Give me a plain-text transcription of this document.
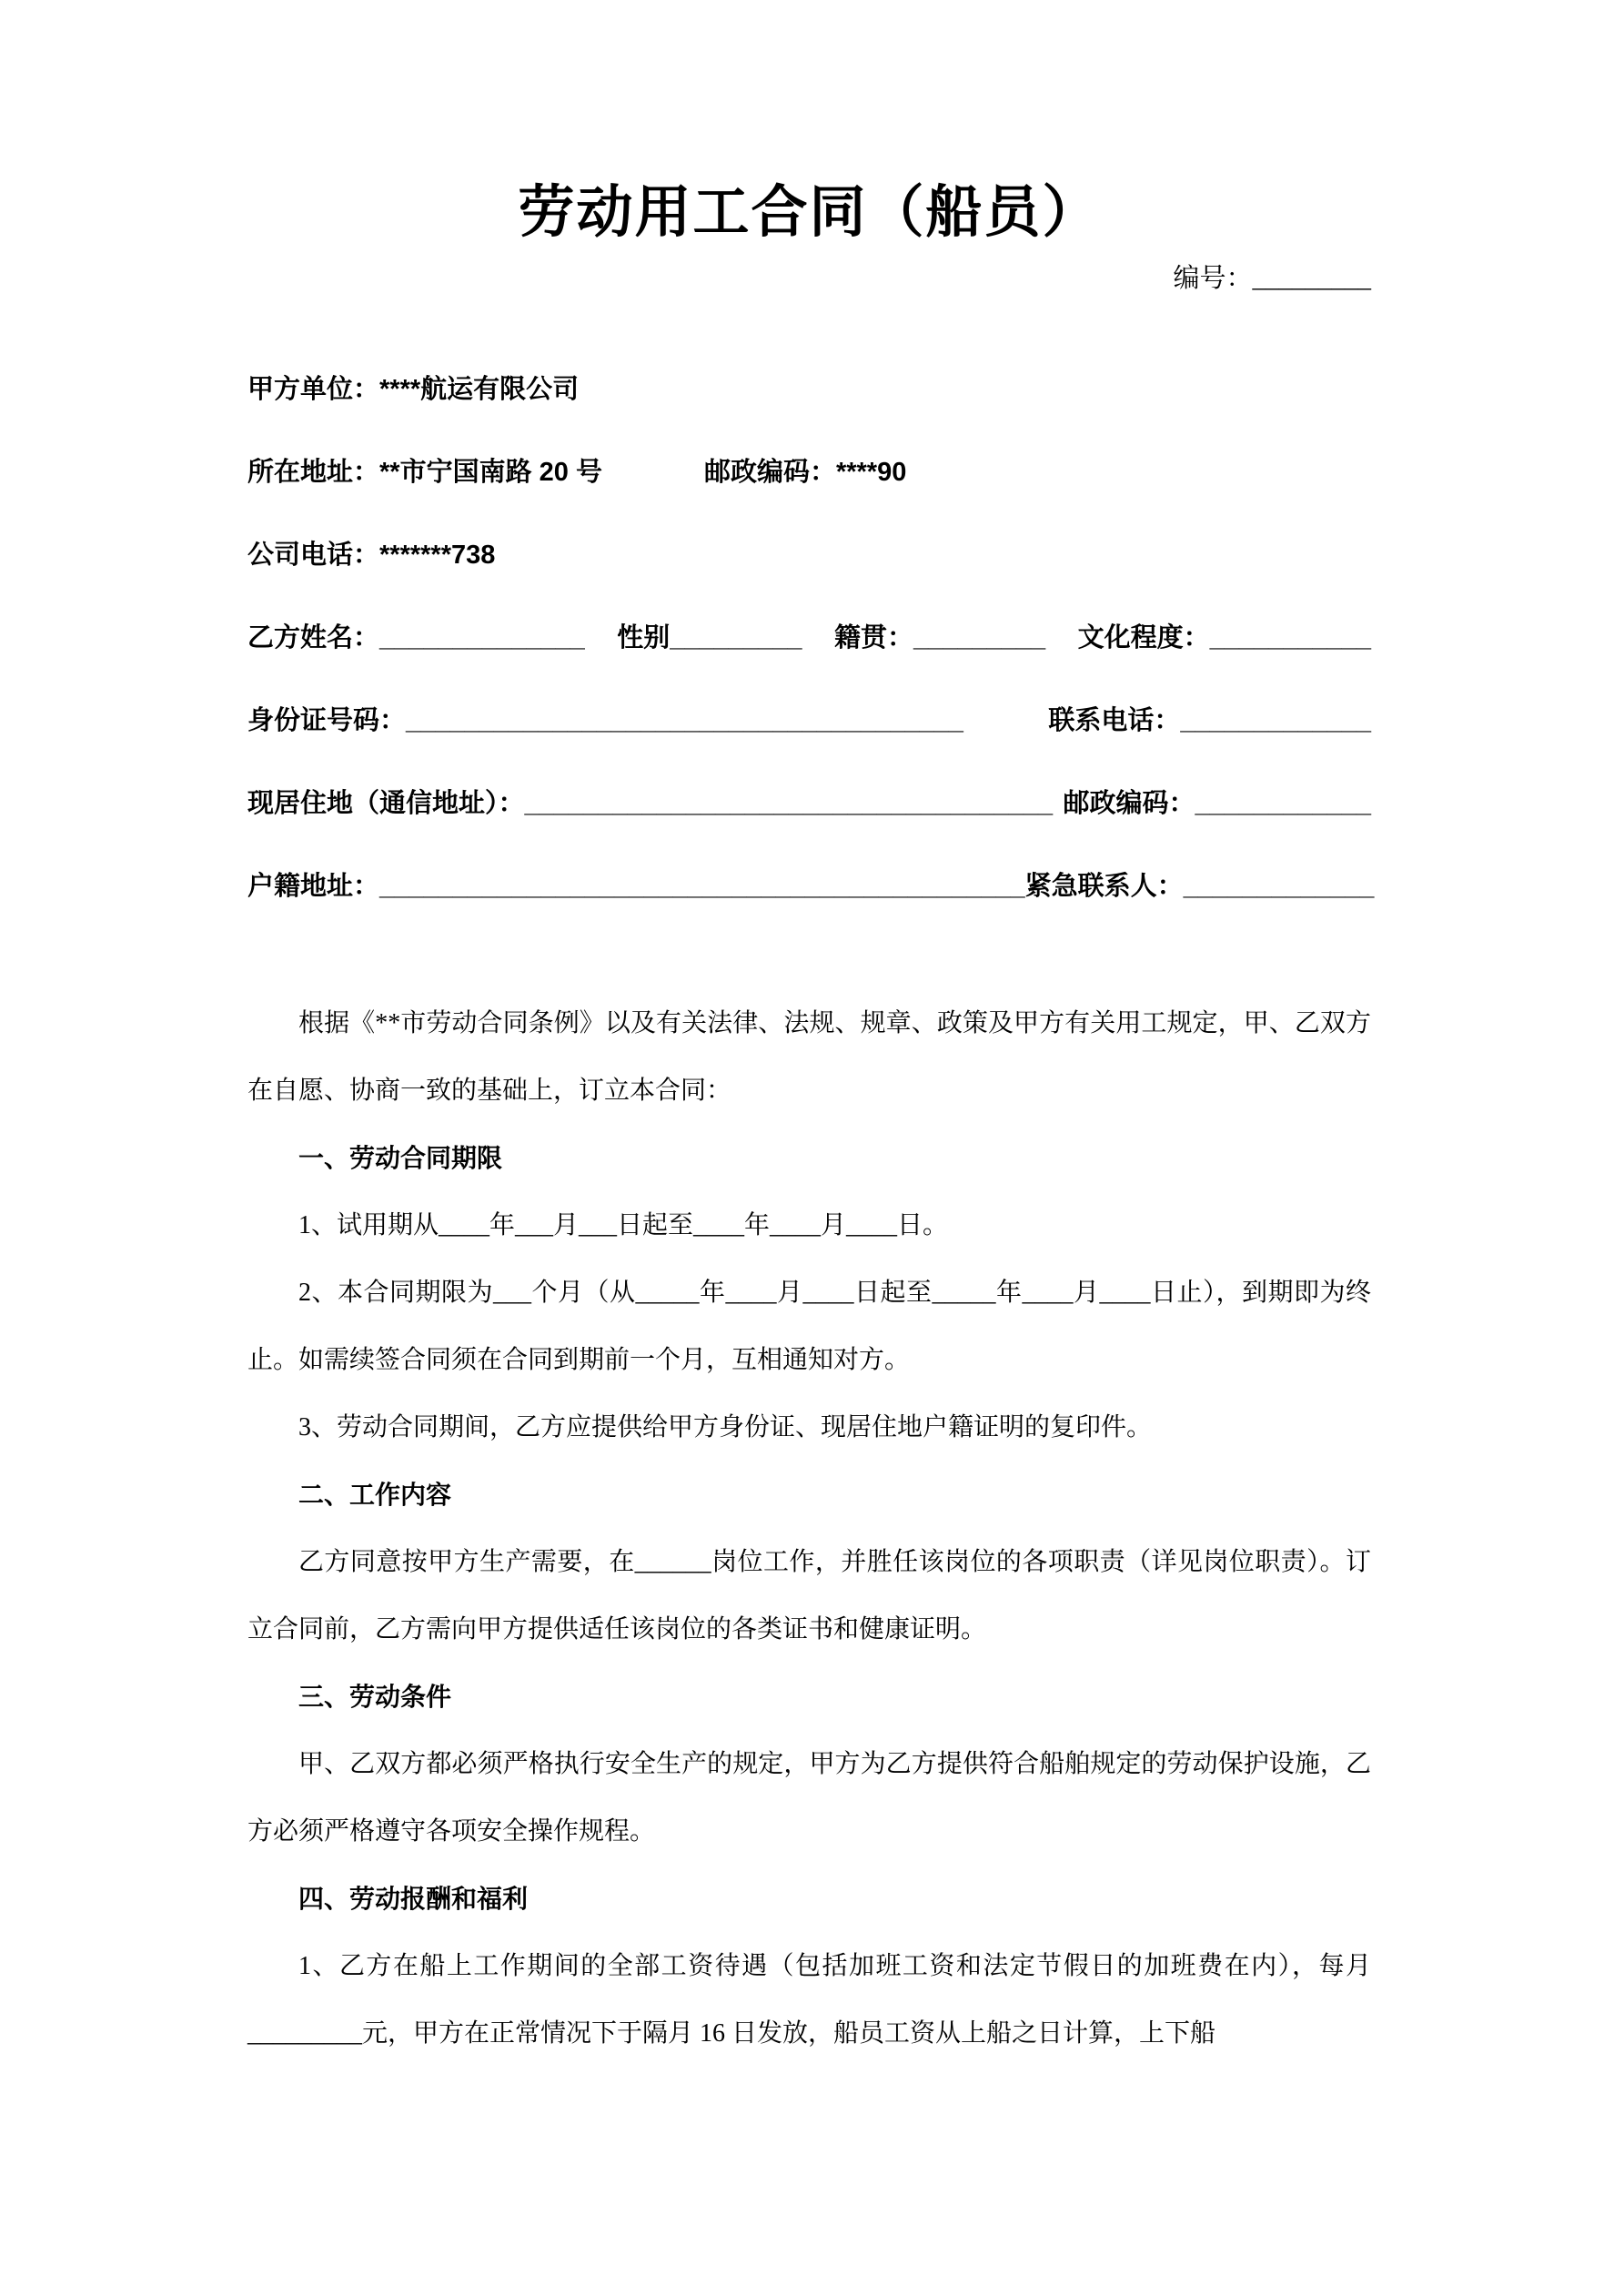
劳动用工合同（船员）
编号：_________
甲方单位：****航运有限公司
所在地址：**市宁国南路 20 号	邮政编码：****90
公司电话：*******738
乙方姓名：______________ 性别_________ 籍贯：_________ 文化程度：___________
身份证号码：______________________________________	联系电话：_____________
现居住地（通信地址）：____________________________________ 邮政编码：____________
户籍地址：____________________________________________ 紧急联系人：_____________

根据《**市劳动合同条例》以及有关法律、法规、规章、政策及甲方有关用工规定，甲、乙双方在自愿、协商一致的基础上，订立本合同：

一、劳动合同期限

1、试用期从____年___月___日起至____年____月____日。

2、本合同期限为___个月（从_____年____月____日起至_____年____月____日止），到期即为终止。如需续签合同须在合同到期前一个月，互相通知对方。

3、劳动合同期间，乙方应提供给甲方身份证、现居住地户籍证明的复印件。

二、工作内容

乙方同意按甲方生产需要，在______岗位工作，并胜任该岗位的各项职责（详见岗位职责）。订立合同前，乙方需向甲方提供适任该岗位的各类证书和健康证明。

三、劳动条件

甲、乙双方都必须严格执行安全生产的规定，甲方为乙方提供符合船舶规定的劳动保护设施，乙方必须严格遵守各项安全操作规程。

四、劳动报酬和福利

1、乙方在船上工作期间的全部工资待遇（包括加班工资和法定节假日的加班费在内），每月_________元，甲方在正常情况下于隔月 16 日发放，船员工资从上船之日计算，上下船
